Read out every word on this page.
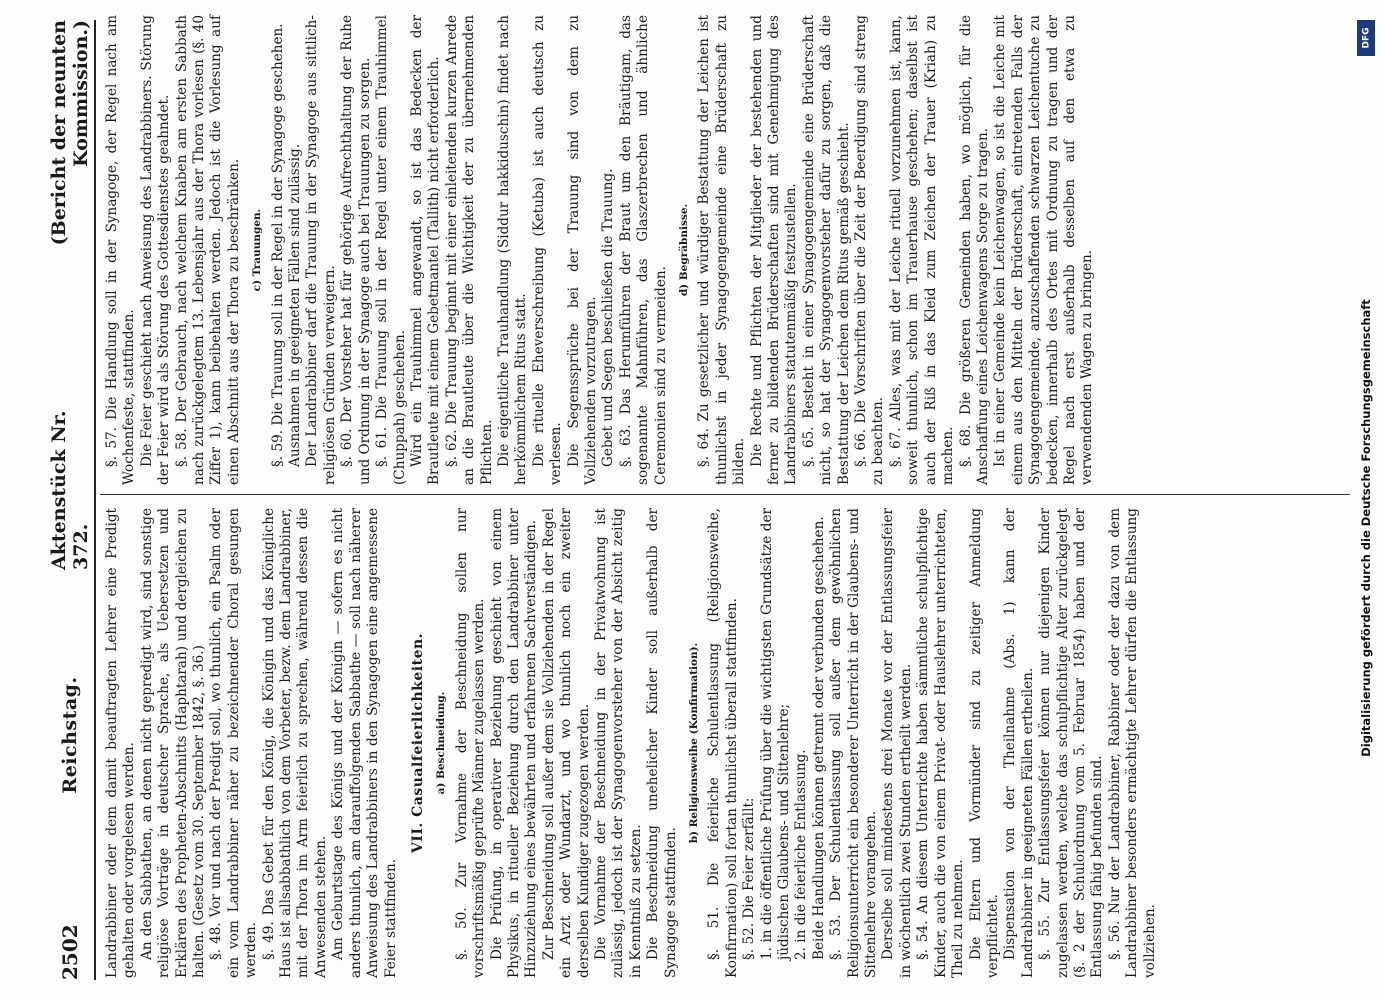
2502
Reichstag.
Aktenstück Nr. 372.
(Bericht der neunten Kommission.)

Landrabbiner oder dem damit beauftragten Lehrer eine Predigt gehalten oder vorgelesen werden. An den Sabbathen, an denen nicht gepredigt wird, sind sonstige religiöse Vorträge in deutscher Sprache, als Uebersetzen und Erklären des Propheten-Abschnitts (Haphtarah) und dergleichen zu halten. (Gesetz vom 30. September 1842, §. 36.) §. 48. Vor und nach der Predigt soll, wo thunlich, ein Psalm oder ein vom Landrabbiner näher zu bezeichnender Choral gesungen werden. §. 49. Das Gebet für den König, die Königin und das Königliche Haus ist allsabbathlich von dem Vorbeter, bezw. dem Landrabbiner, mit der Thora im Arm feierlich zu sprechen, während dessen die Anwesenden stehen. Am Geburtstage des Königs und der Königin — sofern es nicht anders thunlich, am darauffolgenden Sabbathe — soll nach näherer Anweisung des Landrabbiners in den Synagogen eine angemessene Feier stattfinden.

VII. Casualfeierlichkeiten. a) Beschneidung. §. 50. Zur Vornahme der Beschneidung sollen nur vorschriftsmäßig geprüfte Männer zugelassen werden. Die Prüfung, in operativer Beziehung geschieht von einem Physikus, in ritueller Beziehung durch den Landrabbiner unter Hinzuziehung eines bewährten und erfahrenen Sachverständigen. Zur Beschneidung soll außer dem sie Vollziehenden in der Regel ein Arzt oder Wundarzt, und wo thunlich noch ein zweiter derselben Kundiger zugezogen werden. Die Vornahme der Beschneidung in der Privatwohnung ist zulässig, jedoch ist der Synagogenvorsteher von der Absicht zeitig in Kenntniß zu setzen. Die Beschneidung unehelicher Kinder soll außerhalb der Synagoge stattfinden.

b) Religionsweihe (Konfirmation). §. 51. Die feierliche Schulentlassung (Religionsweihe, Konfirmation) soll fortan thunlichst überall stattfinden. §. 52. Die Feier zerfällt: 1. in die öffentliche Prüfung über die wichtigsten Grundsätze der jüdischen Glaubens- und Sittenlehre; 2. in die feierliche Entlassung. Beide Handlungen können getrennt oder verbunden geschehen. §. 53. Der Schulentlassung soll außer dem gewöhnlichen Religionsunterricht ein besonderer Unterricht in der Glaubens- und Sittenlehre vorangehen. Derselbe soll mindestens drei Monate vor der Entlassungsfeier in wöchentlich zwei Stunden ertheilt werden. §. 54. An diesem Unterrichte haben sämmtliche schulpflichtige Kinder, auch die von einem Privat- oder Hauslehrer unterrichteten, Theil zu nehmen. Die Eltern und Vormünder sind zu zeitiger Anmeldung verpflichtet. Dispensation von der Theilnahme (Abs. 1) kann der Landrabbiner in geeigneten Fällen ertheilen. §. 55. Zur Entlassungsfeier können nur diejenigen Kinder zugelassen werden, welche das schulpflichtige Alter zurückgelegt (§. 2 der Schulordnung vom 5. Februar 1854) haben und der Entlassung fähig befunden sind. §. 56. Nur der Landrabbiner, Rabbiner oder der dazu von dem Landrabbiner besonders ermächtigte Lehrer dürfen die Entlassung vollziehen.

§. 57. Die Handlung soll in der Synagoge, der Regel nach am Wochenfeste, stattfinden. Die Feier geschieht nach Anweisung des Landrabbiners. Störung der Feier wird als Störung des Gottesdienstes geahndet. §. 58. Der Gebrauch, nach welchem Knaben am ersten Sabbath nach zurückgelegtem 13. Lebensjahr aus der Thora vorlesen (§. 40 Ziffer 1), kann beibehalten werden. Jedoch ist die Vorlesung auf einen Abschnitt aus der Thora zu beschränken. c) Trauungen. §. 59. Die Trauung soll in der Regel in der Synagoge geschehen. Ausnahmen in geeigneten Fällen sind zulässig. Der Landrabbiner darf die Trauung in der Synagoge aus sittlich-religiösen Gründen verweigern. §. 60. Der Vorsteher hat für gehörige Aufrechthaltung der Ruhe und Ordnung in der Synagoge auch bei Trauungen zu sorgen. §. 61. Die Trauung soll in der Regel unter einem Trauhimmel (Chuppah) geschehen. Wird ein Trauhimmel angewandt, so ist das Bedecken der Brautleute mit einem Gebetmantel (Tallith) nicht erforderlich. §. 62. Die Trauung beginnt mit einer einleitenden kurzen Anrede an die Brautleute über die Wichtigkeit der zu übernehmenden Pflichten. Die eigentliche Trauhandlung (Siddur hakkiduschin) findet nach herkömmlichem Ritus statt. Die rituelle Eheverschreibung (Ketuba) ist auch deutsch zu verlesen. Die Segenssprüche bei der Trauung sind von dem zu Vollziehenden vorzutragen. Gebet und Segen beschließen die Trauung. §. 63. Das Herumführen der Braut um den Bräutigam, das sogenannte Mahnführen, das Glaszerbrechen und ähnliche Ceremonien sind zu vermeiden.

d) Begräbnisse. §. 64. Zu gesetzlicher und würdiger Bestattung der Leichen ist thunlichst in jeder Synagogengemeinde eine Brüderschaft zu bilden. Die Rechte und Pflichten der Mitglieder der bestehenden und ferner zu bildenden Brüderschaften sind mit Genehmigung des Landrabbiners statutenmäßig festzustellen. §. 65. Besteht in einer Synagogengemeinde eine Brüderschaft nicht, so hat der Synagogenvorsteher dafür zu sorgen, daß die Bestattung der Leichen dem Ritus gemäß geschieht. §. 66. Die Vorschriften über die Zeit der Beerdigung sind streng zu beachten. §. 67. Alles, was mit der Leiche rituell vorzunehmen ist, kann, soweit thunlich, schon im Trauerhause geschehen; daselbst ist auch der Riß in das Kleid zum Zeichen der Trauer (Kriah) zu machen. §. 68. Die größeren Gemeinden haben, wo möglich, für die Anschaffung eines Leichenwagens Sorge zu tragen. Ist in einer Gemeinde kein Leichenwagen, so ist die Leiche mit einem aus den Mitteln der Brüderschaft, eintretenden Falls der Synagogengemeinde, anzuschaffenden schwarzen Leichentuche zu bedecken, innerhalb des Ortes mit Ordnung zu tragen und der Regel nach erst außerhalb desselben auf den etwa zu verwendenden Wagen zu bringen.

DFG
Digitalisierung gefördert durch die Deutsche Forschungsgemeinschaft
